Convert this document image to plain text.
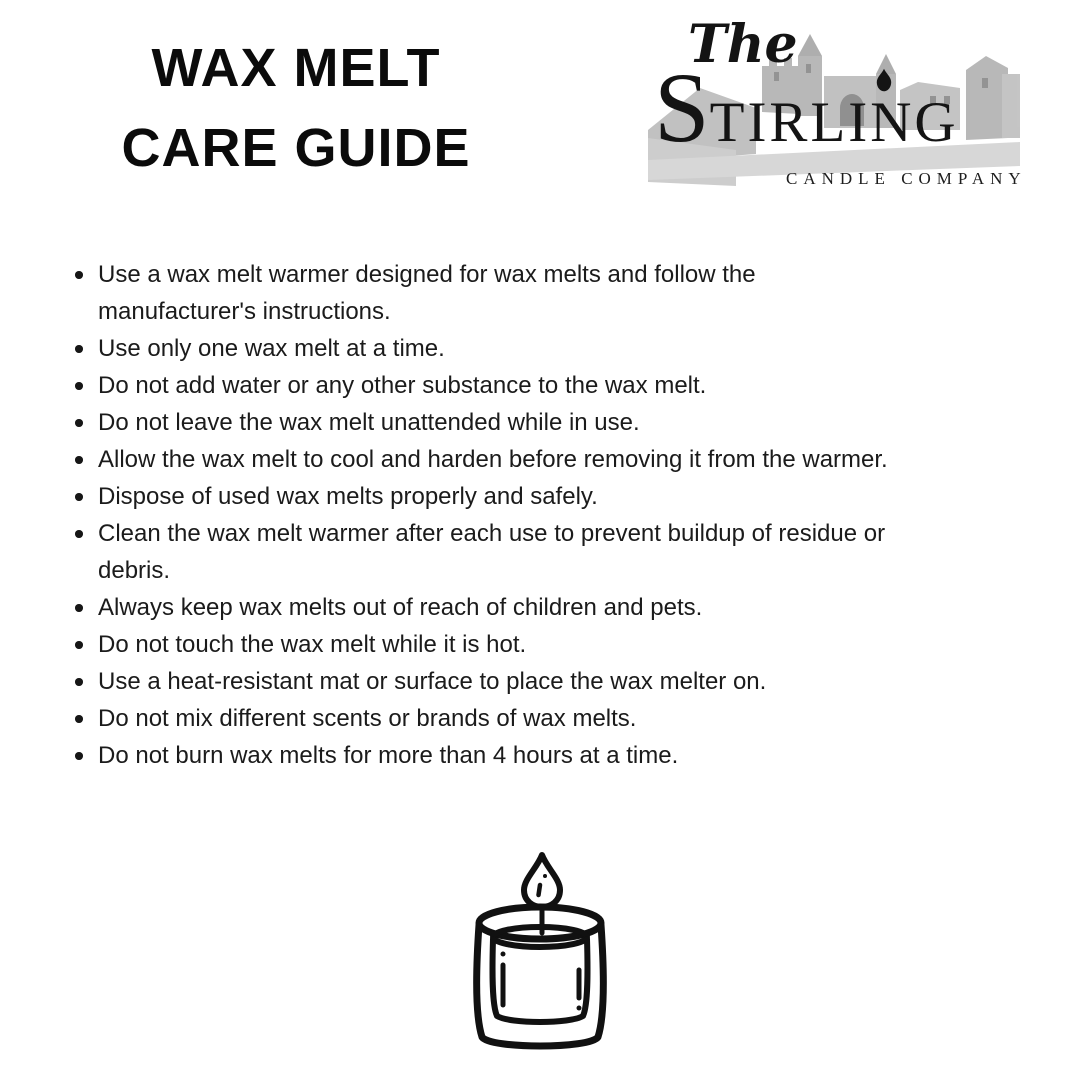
WAX MELT
CARE GUIDE
The
STIRLING
CANDLE COMPANY
Use a wax melt warmer designed for wax melts and follow the manufacturer's instructions.
Use only one wax melt at a time.
Do not add water or any other substance to the wax melt.
Do not leave the wax melt unattended while in use.
Allow the wax melt to cool and harden before removing it from the warmer.
Dispose of used wax melts properly and safely.
Clean the wax melt warmer after each use to prevent buildup of residue or debris.
Always keep wax melts out of reach of children and pets.
Do not touch the wax melt while it is hot.
Use a heat-resistant mat or surface to place the wax melter on.
Do not mix different scents or brands of wax melts.
Do not burn wax melts for more than 4 hours at a time.
